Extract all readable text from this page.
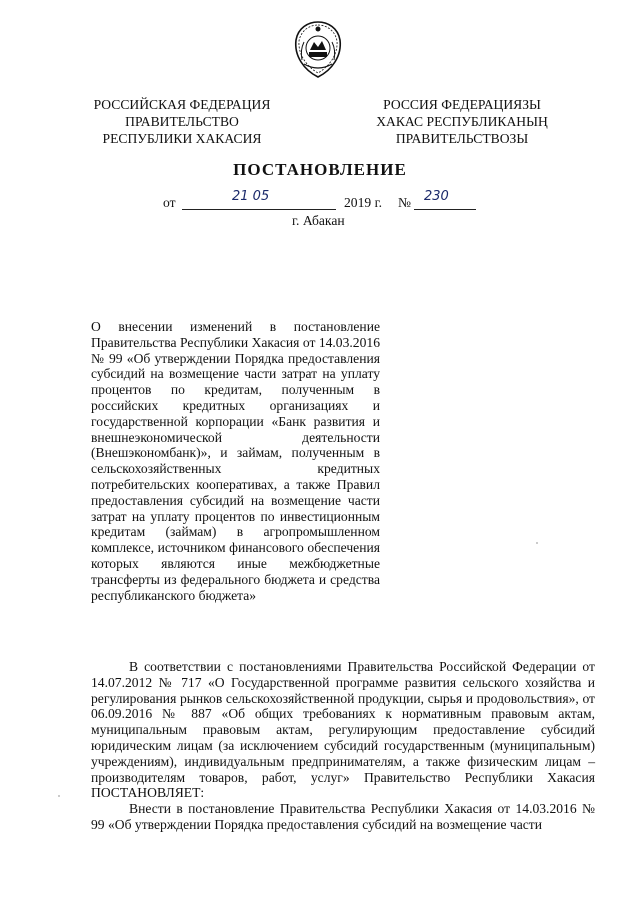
РОССИЙСКАЯ ФЕДЕРАЦИЯ
ПРАВИТЕЛЬСТВО
РЕСПУБЛИКИ ХАКАСИЯ
РОССИЯ ФЕДЕРАЦИЯЗЫ
ХАКАС РЕСПУБЛИКАНЫҢ
ПРАВИТЕЛЬСТВОЗЫ
ПОСТАНОВЛЕНИЕ
от	21 05	2019 г. № 230
г. Абакан
О внесении изменений в постановление Правительства Республики Хакасия от 14.03.2016 № 99 «Об утверждении Порядка предоставления субсидий на возмещение части затрат на уплату процентов по кредитам, полученным в российских кредитных организациях и государственной корпорации «Банк развития и внешнеэкономической деятельности (Внешэкономбанк)», и займам, полученным в сельскохозяйственных кредитных потребительских кооперативах, а также Правил предоставления субсидий на возмещение части затрат на уплату процентов по инвестиционным кредитам (займам) в агропромышленном комплексе, источником финансового обеспечения которых являются иные межбюджетные трансферты из федерального бюджета и средства республиканского бюджета»

В соответствии с постановлениями Правительства Российской Федерации от 14.07.2012 № 717 «О Государственной программе развития сельского хозяйства и регулирования рынков сельскохозяйственной продукции, сырья и продовольствия», от 06.09.2016 № 887 «Об общих требованиях к нормативным правовым актам, муниципальным правовым актам, регулирующим предоставление субсидий юридическим лицам (за исключением субсидий государственным (муниципальным) учреждениям), индивидуальным предпринимателям, а также физическим лицам – производителям товаров, работ, услуг» Правительство Республики Хакасия ПОСТАНОВЛЯЕТ:

Внести в постановление Правительства Республики Хакасия от 14.03.2016 № 99 «Об утверждении Порядка предоставления субсидий на возмещение части
